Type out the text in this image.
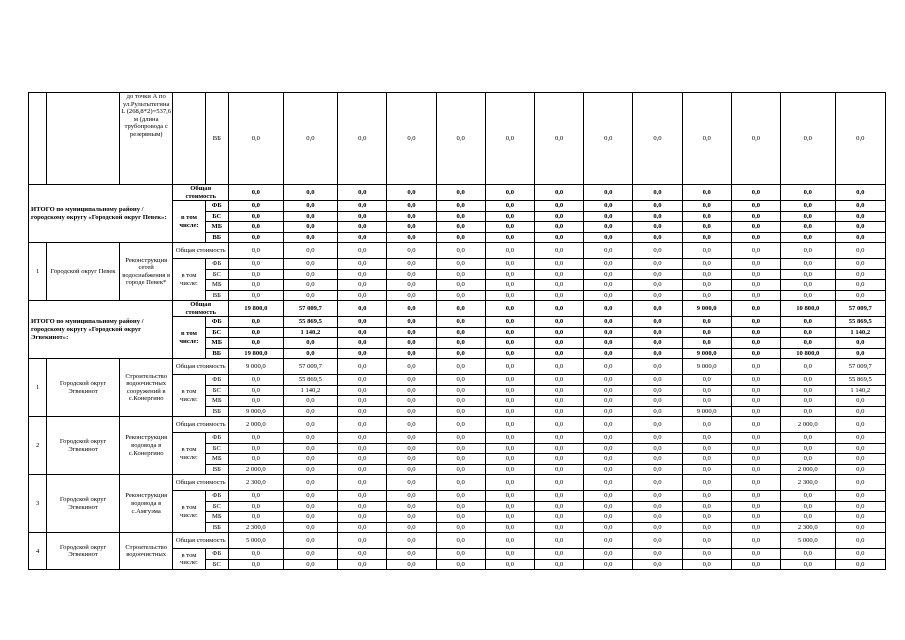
		до точки А по ул.Рультытегина L (268,8*2)=537,6 м (длина трубопровода с резервным)		ВБ	0,0	0,0	0,0	0,0	0,0	0,0	0,0	0,0	0,0	0,0	0,0	0,0	0,0
ИТОГО по муниципальному району / городскому округу «Городской округ Певек»:			Общая стоимость		0,0	0,0	0,0	0,0	0,0	0,0	0,0	0,0	0,0	0,0	0,0	0,0	0,0
			в том числе:	ФБ	0,0	0,0	0,0	0,0	0,0	0,0	0,0	0,0	0,0	0,0	0,0	0,0	0,0
				БС	0,0	0,0	0,0	0,0	0,0	0,0	0,0	0,0	0,0	0,0	0,0	0,0	0,0
				МБ	0,0	0,0	0,0	0,0	0,0	0,0	0,0	0,0	0,0	0,0	0,0	0,0	0,0
				ВБ	0,0	0,0	0,0	0,0	0,0	0,0	0,0	0,0	0,0	0,0	0,0	0,0	0,0
1	Городской округ Певек	Реконструкция сетей водоснабжения в городе Певек*	Общая стоимость		0,0	0,0	0,0	0,0	0,0	0,0	0,0	0,0	0,0	0,0	0,0	0,0	0,0
			в том числе:	ФБ	0,0	0,0	0,0	0,0	0,0	0,0	0,0	0,0	0,0	0,0	0,0	0,0	0,0
				БС	0,0	0,0	0,0	0,0	0,0	0,0	0,0	0,0	0,0	0,0	0,0	0,0	0,0
				МБ	0,0	0,0	0,0	0,0	0,0	0,0	0,0	0,0	0,0	0,0	0,0	0,0	0,0
				ВБ	0,0	0,0	0,0	0,0	0,0	0,0	0,0	0,0	0,0	0,0	0,0	0,0	0,0
ИТОГО по муниципальному району / городскому округу «Городской округ Эгвекинот»:			Общая стоимость		19 800,0	57 009,7	0,0	0,0	0,0	0,0	0,0	0,0	0,0	9 000,0	0,0	10 800,0	57 009,7
			в том числе:	ФБ	0,0	55 869,5	0,0	0,0	0,0	0,0	0,0	0,0	0,0	0,0	0,0	0,0	55 869,5
				БС	0,0	1 140,2	0,0	0,0	0,0	0,0	0,0	0,0	0,0	0,0	0,0	0,0	1 140,2
				МБ	0,0	0,0	0,0	0,0	0,0	0,0	0,0	0,0	0,0	0,0	0,0	0,0	0,0
				ВБ	19 800,0	0,0	0,0	0,0	0,0	0,0	0,0	0,0	0,0	9 000,0	0,0	10 800,0	0,0
1	Городской округ Эгвекинот	Строительство водоочистных сооружений в с.Конергино	Общая стоимость		9 000,0	57 009,7	0,0	0,0	0,0	0,0	0,0	0,0	0,0	9 000,0	0,0	0,0	57 009,7
			в том числе:	ФБ	0,0	55 869,5	0,0	0,0	0,0	0,0	0,0	0,0	0,0	0,0	0,0	0,0	55 869,5
				БС	0,0	1 140,2	0,0	0,0	0,0	0,0	0,0	0,0	0,0	0,0	0,0	0,0	1 140,2
				МБ	0,0	0,0	0,0	0,0	0,0	0,0	0,0	0,0	0,0	0,0	0,0	0,0	0,0
				ВБ	9 000,0	0,0	0,0	0,0	0,0	0,0	0,0	0,0	0,0	9 000,0	0,0	0,0	0,0
2	Городской округ Эгвекинот	Реконструкция водовода в с.Конергино	Общая стоимость		2 000,0	0,0	0,0	0,0	0,0	0,0	0,0	0,0	0,0	0,0	0,0	2 000,0	0,0
			в том числе:	ФБ	0,0	0,0	0,0	0,0	0,0	0,0	0,0	0,0	0,0	0,0	0,0	0,0	0,0
				БС	0,0	0,0	0,0	0,0	0,0	0,0	0,0	0,0	0,0	0,0	0,0	0,0	0,0
				МБ	0,0	0,0	0,0	0,0	0,0	0,0	0,0	0,0	0,0	0,0	0,0	0,0	0,0
				ВБ	2 000,0	0,0	0,0	0,0	0,0	0,0	0,0	0,0	0,0	0,0	0,0	2 000,0	0,0
3	Городской округ Эгвекинот	Реконструкция водовода в с.Амгуэма	Общая стоимость		2 300,0	0,0	0,0	0,0	0,0	0,0	0,0	0,0	0,0	0,0	0,0	2 300,0	0,0
			в том числе:	ФБ	0,0	0,0	0,0	0,0	0,0	0,0	0,0	0,0	0,0	0,0	0,0	0,0	0,0
				БС	0,0	0,0	0,0	0,0	0,0	0,0	0,0	0,0	0,0	0,0	0,0	0,0	0,0
				МБ	0,0	0,0	0,0	0,0	0,0	0,0	0,0	0,0	0,0	0,0	0,0	0,0	0,0
				ВБ	2 300,0	0,0	0,0	0,0	0,0	0,0	0,0	0,0	0,0	0,0	0,0	2 300,0	0,0
4	Городской округ Эгвекинот	Строительство водоочистных	Общая стоимость		5 000,0	0,0	0,0	0,0	0,0	0,0	0,0	0,0	0,0	0,0	0,0	5 000,0	0,0
			в том числе:	ФБ	0,0	0,0	0,0	0,0	0,0	0,0	0,0	0,0	0,0	0,0	0,0	0,0	0,0
				БС	0,0	0,0	0,0	0,0	0,0	0,0	0,0	0,0	0,0	0,0	0,0	0,0	0,0
